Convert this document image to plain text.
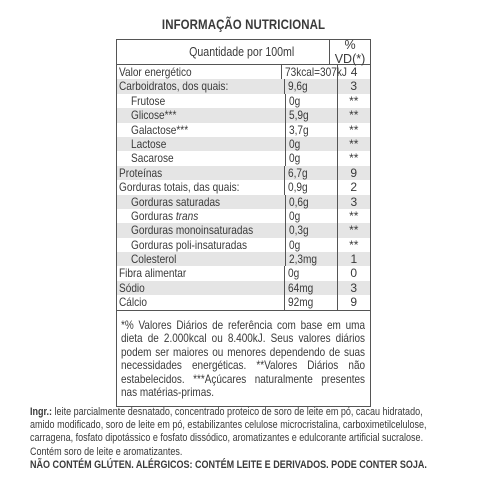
INFORMAÇÃO NUTRICIONAL
Quantidade por 100ml	% VD(*)
Valor energético	73kcal=307kJ 4
Carboidratos, dos quais:	9,6g	3
Frutose	0g	**
Glicose***	5,9g	**
Galactose***	3,7g	**
Lactose	0g	**
Sacarose	0g	**
Proteínas	6,7g	9
Gorduras totais, das quais:	0,9g	2
Gorduras saturadas	0,6g	3
Gorduras trans	0g	**
Gorduras monoinsaturadas	0,3g	**
Gorduras poli-insaturadas	0g	**
Colesterol	2,3mg	1
Fibra alimentar	0g	0
Sódio	64mg	3
Cálcio	92mg	9
*% Valores Diários de referência com base em uma dieta de 2.000kcal ou 8.400kJ. Seus valores diários podem ser maiores ou menores dependendo de suas necessidades energéticas. **Valores Diários não estabelecidos. ***Açúcares naturalmente presentes nas matérias-primas.
Ingr.: leite parcialmente desnatado, concentrado proteico de soro de leite em pó, cacau hidratado,
amido modificado, soro de leite em pó, estabilizantes celulose microcristalina, carboximetilcelulose,
carragena, fosfato dipotássico e fosfato dissódico, aromatizantes e edulcorante artificial sucralose.
Contém soro de leite e aromatizantes.
NÃO CONTÉM GLÚTEN. ALÉRGICOS: CONTÉM LEITE E DERIVADOS. PODE CONTER SOJA.
